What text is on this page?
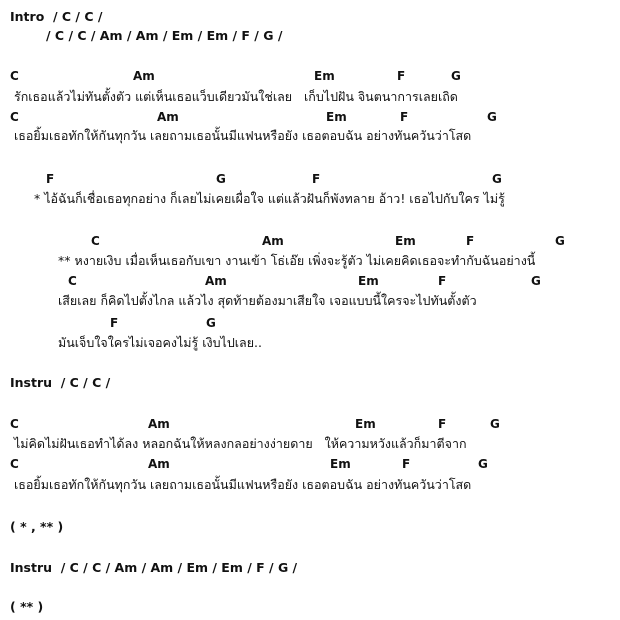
Intro  / C / C /
/ C / C / Am / Am / Em / Em / F / G /
C	Am	Em	F	G
รักเธอแล้วไม่ทันตั้งตัว แต่เห็นเธอแว็บเดียวมันใช่เลย   เก็บไปฝัน จินตนาการเลยเถิด
C	Am	Em	F	G
เธอยิ้มเธอทักให้กันทุกวัน เลยถามเธอนั้นมีแฟนหรือยัง เธอตอบฉัน อย่างทันควันว่าโสด
F	G	F	G
* ไอ้ฉันก็เชื่อเธอทุกอย่าง ก็เลยไม่เคยเผื่อใจ แต่แล้วฝันก็พังทลาย อ้าว! เธอไปกับใคร ไม่รู้
C	Am	Em	F	G
** หงายเงิบ เมื่อเห็นเธอกับเขา งานเข้า โธ่เอ๊ย เพิ่งจะรู้ตัว ไม่เคยคิดเธอจะทำกับฉันอย่างนี้
C	Am	Em	F	G
เสียเลย ก็คิดไปตั้งไกล แล้วไง สุดท้ายต้องมาเสียใจ เจอแบบนี้ใครจะไปทันตั้งตัว
F	G
มันเจ็บใจใครไม่เจอคงไม่รู้ เงิบไปเลย..
Instru  / C / C /
C	Am	Em	F	G
ไม่คิดไม่ฝันเธอทำได้ลง หลอกฉันให้หลงกลอย่างง่ายดาย   ให้ความหวังแล้วก็มาตีจาก
C	Am	Em	F	G
เธอยิ้มเธอทักให้กันทุกวัน เลยถามเธอนั้นมีแฟนหรือยัง เธอตอบฉัน อย่างทันควันว่าโสด
( * , ** )
Instru  / C / C / Am / Am / Em / Em / F / G /
( ** )
